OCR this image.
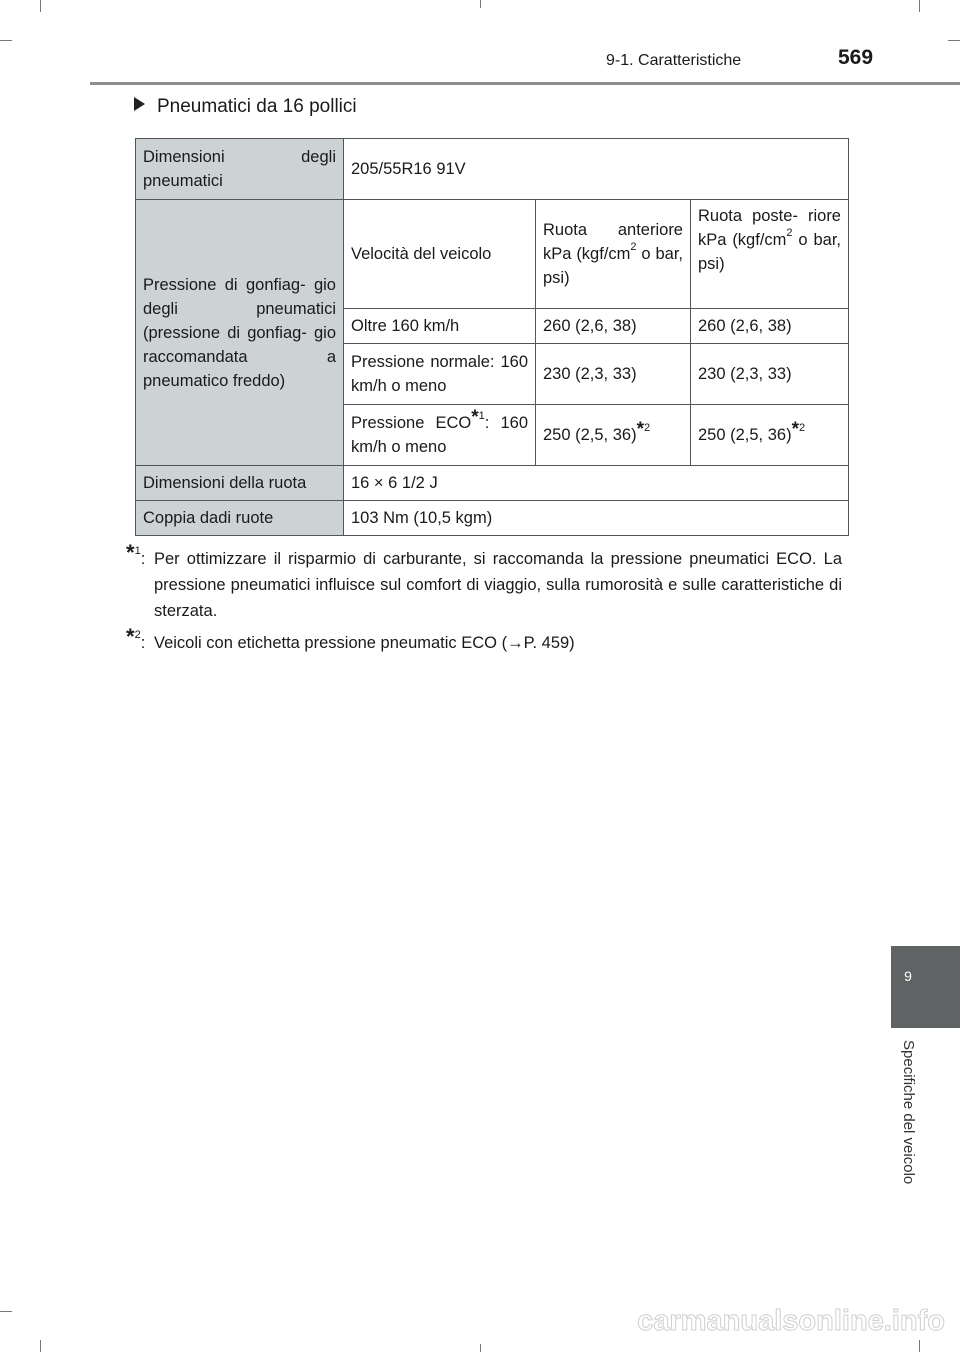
9-1. Caratteristiche	569
9
Specifiche del veicolo
Pneumatici da 16 pollici
Dimensioni degli pneumatici	205/55R16 91V		
Pressione di gonfiag- gio degli pneumatici (pressione di gonfiag- gio raccomandata a pneumatico freddo)	Velocità del veicolo	Ruota anteriore kPa ($kgf/cm^2$ o bar, psi)	Ruota poste- riore kPa ($kgf/cm^2$ o bar, psi)
	Oltre 160 km/h	260 (2,6, 38)	260 (2,6, 38)
	Pressione normale: 160 km/h o meno	230 (2,3, 33)	230 (2,3, 33)
	Pressione ECO*$^1$: 160 km/h o meno	250 (2,5, 36)*$^2$	250 (2,5, 36)*$^2$
Dimensioni della ruota	16 × 6 1/2 J		
Coppia dadi ruote	103 Nm (10,5 kgm)		
*$^1$: Per ottimizzare il risparmio di carburante, si raccomanda la pressione pneumatici ECO. La pressione pneumatici influisce sul comfort di viaggio, sulla rumorosità e sulle caratteristiche di sterzata.
*$^2$: Veicoli con etichetta pressione pneumatic ECO (→P. 459)
carmanualsonline.info
